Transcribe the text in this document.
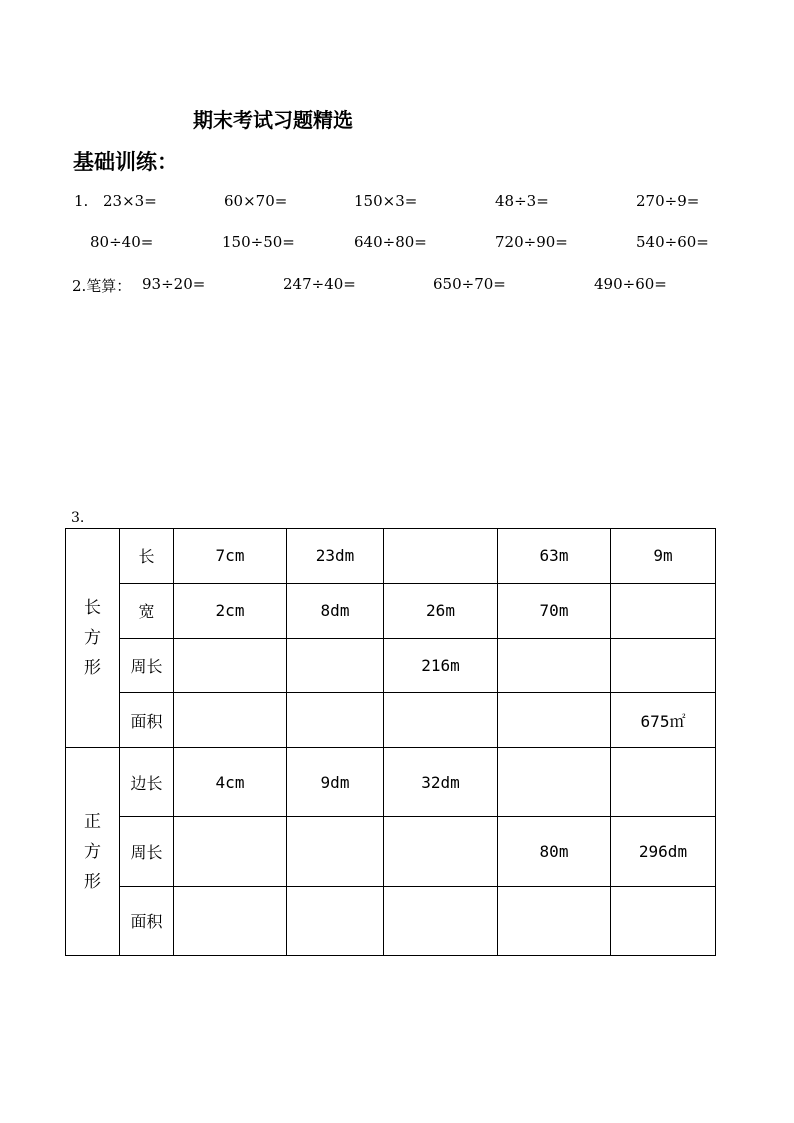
期末考试习题精选
基础训练：
1. 23×3=	60×70=	150×3=	48÷3=	270÷9=
80÷40=	150÷50=	640÷80=	720÷90=	540÷60=
2.笔算： 93÷20=	247÷40=	650÷70=	490÷60=
3.
长
方
形	长	7cm	23dm		63m	9m
	宽	2cm	8dm	26m	70m	
	周长			216m		
	面积					675㎡

正
方
形	边长	4cm	9dm	32dm		
	周长				80m	296dm
	面积					
